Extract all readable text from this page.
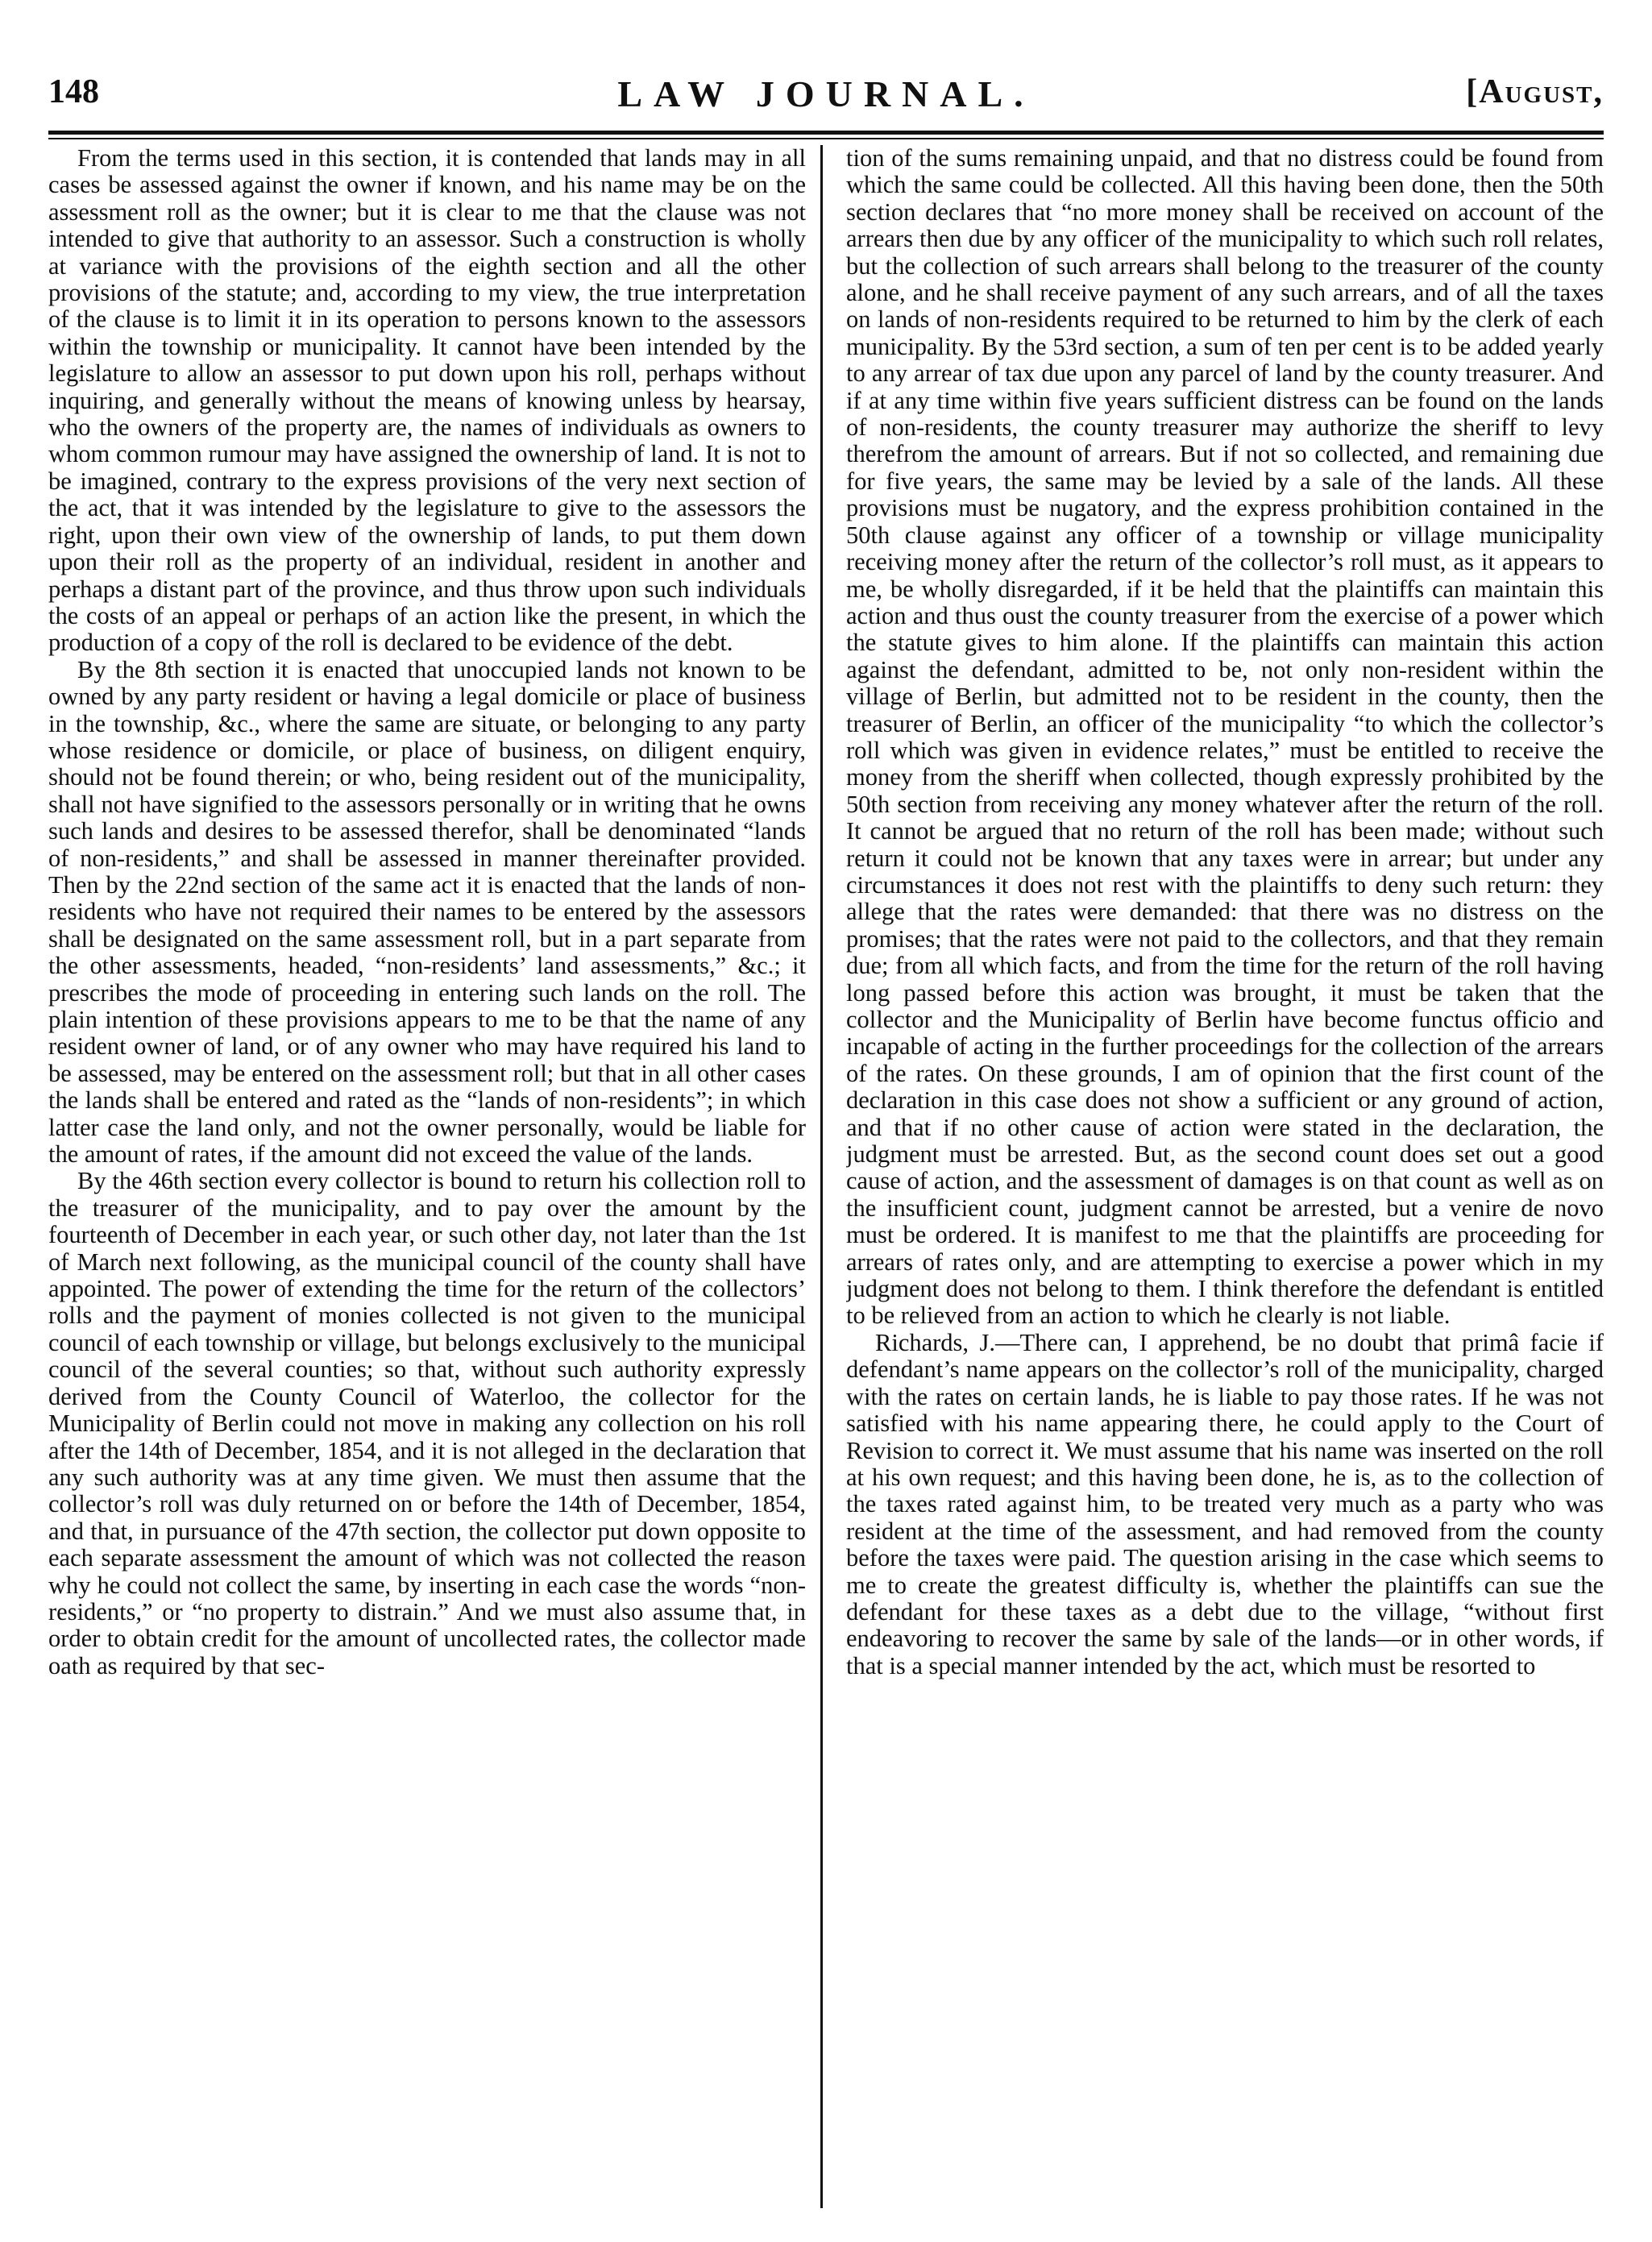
148	LAW JOURNAL.	[August,

From the terms used in this section, it is contended that lands may in all cases be assessed against the owner if known, and his name may be on the assessment roll as the owner; but it is clear to me that the clause was not intended to give that authority to an assessor. Such a construction is wholly at variance with the provisions of the eighth section and all the other provisions of the statute; and, according to my view, the true interpretation of the clause is to limit it in its operation to persons known to the assessors within the township or municipality. It cannot have been intended by the legislature to allow an assessor to put down upon his roll, perhaps without inquiring, and generally without the means of knowing unless by hearsay, who the owners of the property are, the names of individuals as owners to whom common rumour may have assigned the ownership of land. It is not to be imagined, contrary to the express provisions of the very next section of the act, that it was intended by the legislature to give to the assessors the right, upon their own view of the ownership of lands, to put them down upon their roll as the property of an individual, resident in another and perhaps a distant part of the province, and thus throw upon such individuals the costs of an appeal or perhaps of an action like the present, in which the production of a copy of the roll is declared to be evidence of the debt.

By the 8th section it is enacted that unoccupied lands not known to be owned by any party resident or having a legal domicile or place of business in the township, &c., where the same are situate, or belonging to any party whose residence or domicile, or place of business, on diligent enquiry, should not be found therein; or who, being resident out of the municipality, shall not have signified to the assessors personally or in writing that he owns such lands and desires to be assessed therefor, shall be denominated “lands of non-residents,” and shall be assessed in manner thereinafter provided. Then by the 22nd section of the same act it is enacted that the lands of non-residents who have not required their names to be entered by the assessors shall be designated on the same assessment roll, but in a part separate from the other assessments, headed, “non-residents’ land assessments,” &c.; it prescribes the mode of proceeding in entering such lands on the roll. The plain intention of these provisions appears to me to be that the name of any resident owner of land, or of any owner who may have required his land to be assessed, may be entered on the assessment roll; but that in all other cases the lands shall be entered and rated as the “lands of non-residents”; in which latter case the land only, and not the owner personally, would be liable for the amount of rates, if the amount did not exceed the value of the lands.

By the 46th section every collector is bound to return his collection roll to the treasurer of the municipality, and to pay over the amount by the fourteenth of December in each year, or such other day, not later than the 1st of March next following, as the municipal council of the county shall have appointed. The power of extending the time for the return of the collectors’ rolls and the payment of monies collected is not given to the municipal council of each township or village, but belongs exclusively to the municipal council of the several counties; so that, without such authority expressly derived from the County Council of Waterloo, the collector for the Municipality of Berlin could not move in making any collection on his roll after the 14th of December, 1854, and it is not alleged in the declaration that any such authority was at any time given. We must then assume that the collector’s roll was duly returned on or before the 14th of December, 1854, and that, in pursuance of the 47th section, the collector put down opposite to each separate assessment the amount of which was not collected the reason why he could not collect the same, by inserting in each case the words “non-residents,” or “no property to distrain.” And we must also assume that, in order to obtain credit for the amount of uncollected rates, the collector made oath as required by that sec-

tion of the sums remaining unpaid, and that no distress could be found from which the same could be collected. All this having been done, then the 50th section declares that “no more money shall be received on account of the arrears then due by any officer of the municipality to which such roll relates, but the collection of such arrears shall belong to the treasurer of the county alone, and he shall receive payment of any such arrears, and of all the taxes on lands of non-residents required to be returned to him by the clerk of each municipality. By the 53rd section, a sum of ten per cent is to be added yearly to any arrear of tax due upon any parcel of land by the county treasurer. And if at any time within five years sufficient distress can be found on the lands of non-residents, the county treasurer may authorize the sheriff to levy therefrom the amount of arrears. But if not so collected, and remaining due for five years, the same may be levied by a sale of the lands. All these provisions must be nugatory, and the express prohibition contained in the 50th clause against any officer of a township or village municipality receiving money after the return of the collector’s roll must, as it appears to me, be wholly disregarded, if it be held that the plaintiffs can maintain this action and thus oust the county treasurer from the exercise of a power which the statute gives to him alone. If the plaintiffs can maintain this action against the defendant, admitted to be, not only non-resident within the village of Berlin, but admitted not to be resident in the county, then the treasurer of Berlin, an officer of the municipality “to which the collector’s roll which was given in evidence relates,” must be entitled to receive the money from the sheriff when collected, though expressly prohibited by the 50th section from receiving any money whatever after the return of the roll. It cannot be argued that no return of the roll has been made; without such return it could not be known that any taxes were in arrear; but under any circumstances it does not rest with the plaintiffs to deny such return: they allege that the rates were demanded: that there was no distress on the promises; that the rates were not paid to the collectors, and that they remain due; from all which facts, and from the time for the return of the roll having long passed before this action was brought, it must be taken that the collector and the Municipality of Berlin have become functus officio and incapable of acting in the further proceedings for the collection of the arrears of the rates. On these grounds, I am of opinion that the first count of the declaration in this case does not show a sufficient or any ground of action, and that if no other cause of action were stated in the declaration, the judgment must be arrested. But, as the second count does set out a good cause of action, and the assessment of damages is on that count as well as on the insufficient count, judgment cannot be arrested, but a venire de novo must be ordered. It is manifest to me that the plaintiffs are proceeding for arrears of rates only, and are attempting to exercise a power which in my judgment does not belong to them. I think therefore the defendant is entitled to be relieved from an action to which he clearly is not liable.

Richards, J.—There can, I apprehend, be no doubt that primâ facie if defendant’s name appears on the collector’s roll of the municipality, charged with the rates on certain lands, he is liable to pay those rates. If he was not satisfied with his name appearing there, he could apply to the Court of Revision to correct it. We must assume that his name was inserted on the roll at his own request; and this having been done, he is, as to the collection of the taxes rated against him, to be treated very much as a party who was resident at the time of the assessment, and had removed from the county before the taxes were paid. The question arising in the case which seems to me to create the greatest difficulty is, whether the plaintiffs can sue the defendant for these taxes as a debt due to the village, “without first endeavoring to recover the same by sale of the lands—or in other words, if that is a special manner intended by the act, which must be resorted to
